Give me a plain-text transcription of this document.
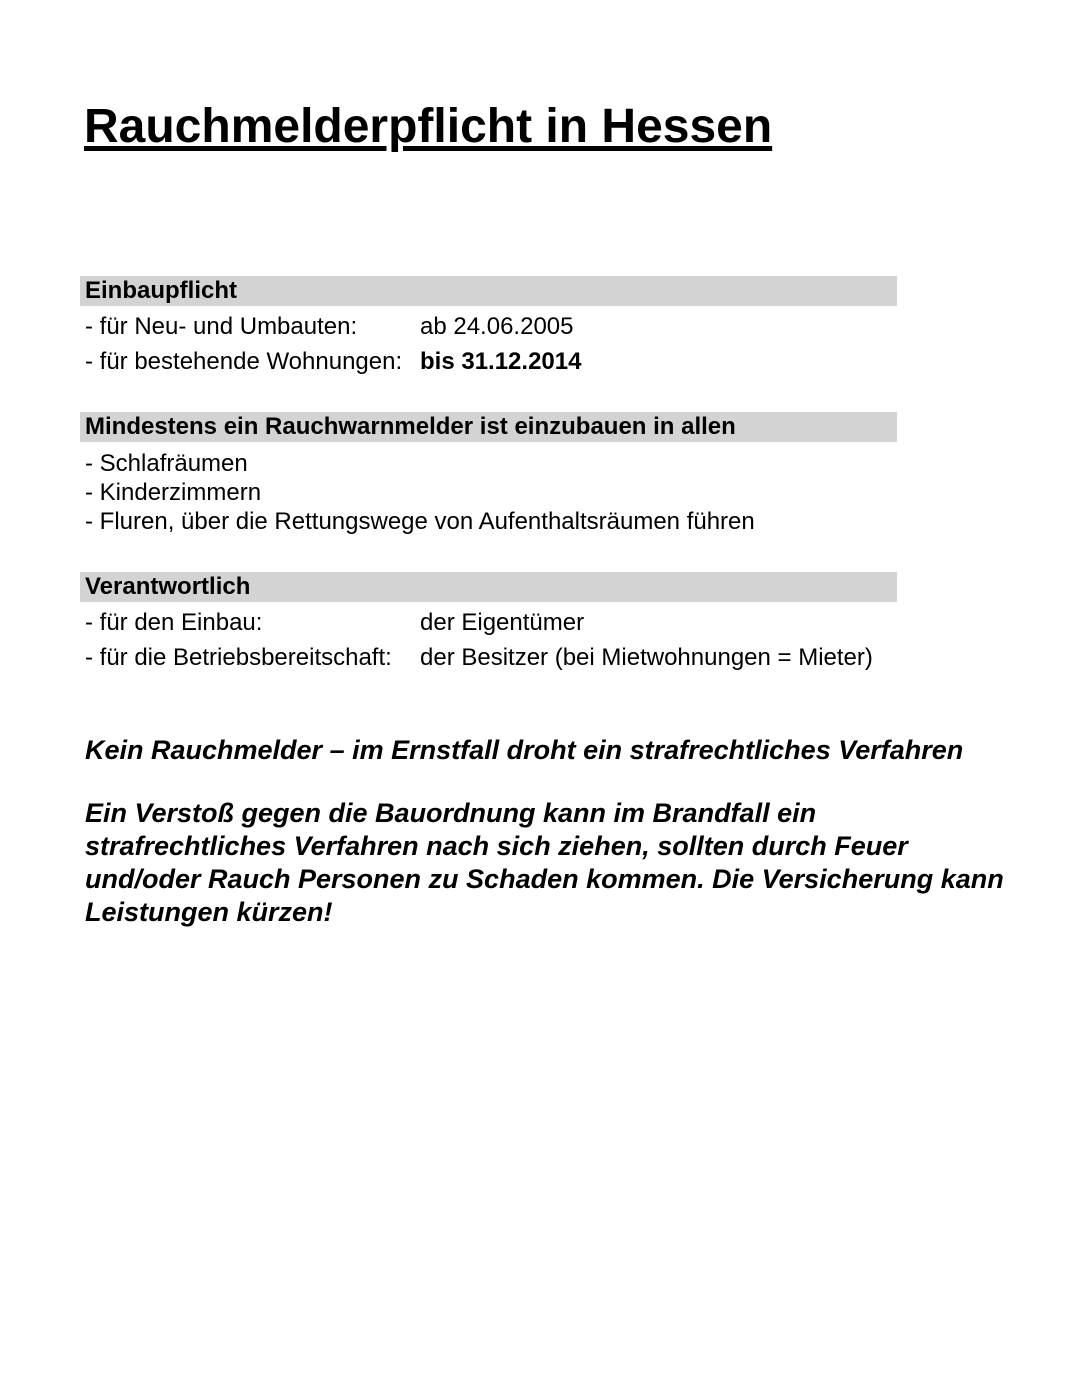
Rauchmelderpflicht in Hessen
Einbaupflicht
- für Neu- und Umbauten:	ab 24.06.2005
- für bestehende Wohnungen: bis 31.12.2014
Mindestens ein Rauchwarnmelder ist einzubauen in allen
- Schlafräumen
- Kinderzimmern
- Fluren, über die Rettungswege von Aufenthaltsräumen führen
Verantwortlich
- für den Einbau:	der Eigentümer
- für die Betriebsbereitschaft:	der Besitzer (bei Mietwohnungen = Mieter)

Kein Rauchmelder – im Ernstfall droht ein strafrechtliches Verfahren

Ein Verstoß gegen die Bauordnung kann im Brandfall ein strafrechtliches Verfahren nach sich ziehen, sollten durch Feuer und/oder Rauch Personen zu Schaden kommen. Die Versicherung kann Leistungen kürzen!
